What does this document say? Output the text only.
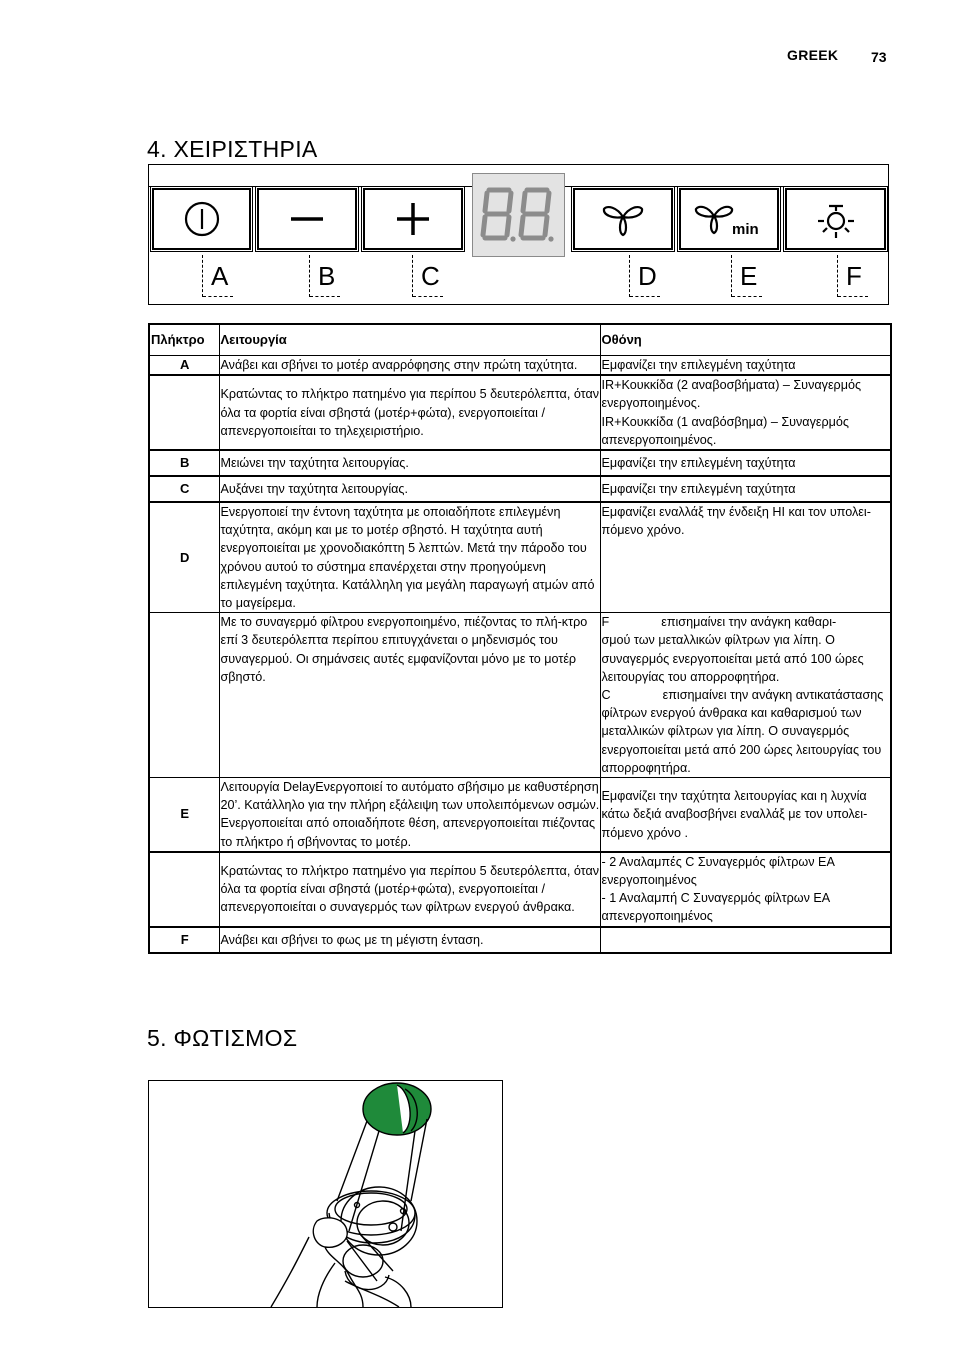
GREEK 73
4. ΧΕΙΡΙΣΤΗΡΙΑ
min
A	B	C	D	E	F
Πλήκτρο	Λειτουργία	Οθόνη
A	Ανάβει και σβήνει το μοτέρ αναρρόφησης στην πρώτη ταχύτητα.	Εμφανίζει την επιλεγμένη ταχύτητα
	Κρατώντας το πλήκτρο πατημένο για περίπου 5 δευτερόλεπτα, όταν όλα τα φορτία είναι σβηστά (μοτέρ+φώτα), ενεργοποιείται / απενεργοποιείται το τηλεχειριστήριο.	IR+Κουκκίδα (2 αναβοσβήματα) – Συναγερμός ενεργοποιημένος.
IR+Κουκκίδα (1 αναβόσβημα) – Συναγερμός απενεργοποιημένος.
B	Μειώνει την ταχύτητα λειτουργίας.	Εμφανίζει την επιλεγμένη ταχύτητα
C	Αυξάνει την ταχύτητα λειτουργίας.	Εμφανίζει την επιλεγμένη ταχύτητα
D	Ενεργοποιεί την έντονη ταχύτητα με οποιαδήποτε επιλεγμένη ταχύτητα, ακόμη και με το μοτέρ σβηστό. Η ταχύτητα αυτή ενεργοποιείται με χρονοδιακόπτη 5 λεπτών. Μετά την πάροδο του χρόνου αυτού το σύστημα επανέρχεται στην προηγούμενη επιλεγμένη ταχύτητα. Κατάλληλη για μεγάλη παραγωγή ατμών από το μαγείρεμα.	Εμφανίζει εναλλάξ την ένδειξη HI και τον υπολει-πόμενο χρόνο.
	Με το συναγερμό φίλτρου ενεργοποιημένο, πιέζοντας το πλή-κτρο επί 3 δευτερόλεπτα περίπου επιτυγχάνεται ο μηδενισμός του συναγερμού. Οι σημάνσεις αυτές εμφανίζονται μόνο με το μοτέρ σβηστό.	F επισημαίνει την ανάγκη καθαρι-
σμού των μεταλλικών φίλτρων για λίπη. Ο συναγερμός ενεργοποιείται μετά από 100 ώρες λειτουργίας του απορροφητήρα.
C επισημαίνει την ανάγκη αντικατάστασης φίλτρων ενεργού άνθρακα και καθαρισμού των μεταλλικών φίλτρων για λίπη. Ο συναγερμός ενεργοποιείται μετά από 200 ώρες λειτουργίας του απορροφητήρα.
E	Λειτουργία DelayΕνεργοποιεί το αυτόματο σβήσιμο με καθυστέρηση 20’. Κατάλληλο για την πλήρη εξάλειψη των υπολειπόμενων οσμών. Ενεργοποιείται από οποιαδήποτε θέση, απενεργοποιείται πιέζοντας το πλήκτρο ή σβήνοντας το μοτέρ.	Εμφανίζει την ταχύτητα λειτουργίας και η λυχνία κάτω δεξιά αναβοσβήνει εναλλάξ με τον υπολει-πόμενο χρόνο .
	Κρατώντας το πλήκτρο πατημένο για περίπου 5 δευτερόλεπτα, όταν όλα τα φορτία είναι σβηστά (μοτέρ+φώτα), ενεργοποιείται / απενεργοποιείται ο συναγερμός των φίλτρων ενεργού άνθρακα.	- 2 Αναλαμπές C Συναγερμός φίλτρων ΕΑ ενεργοποιημένος
- 1 Αναλαμπή C Συναγερμός φίλτρων ΕΑ απενεργοποιημένος
F	Ανάβει και σβήνει το φως με τη μέγιστη ένταση.	
5. ΦΩΤΙΣΜΟΣ
